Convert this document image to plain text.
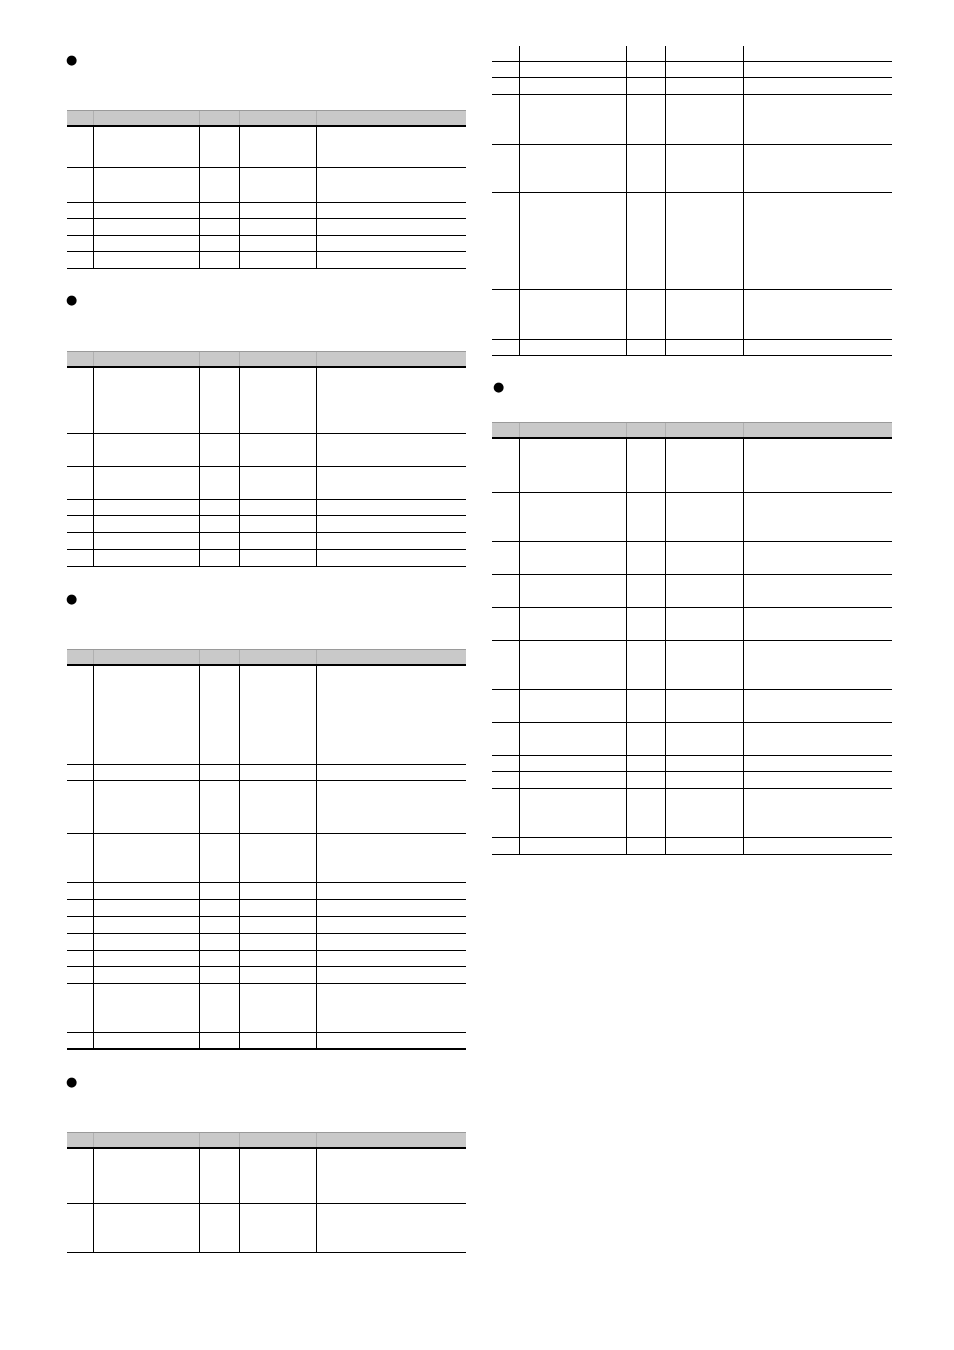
●
●
●
●
●
